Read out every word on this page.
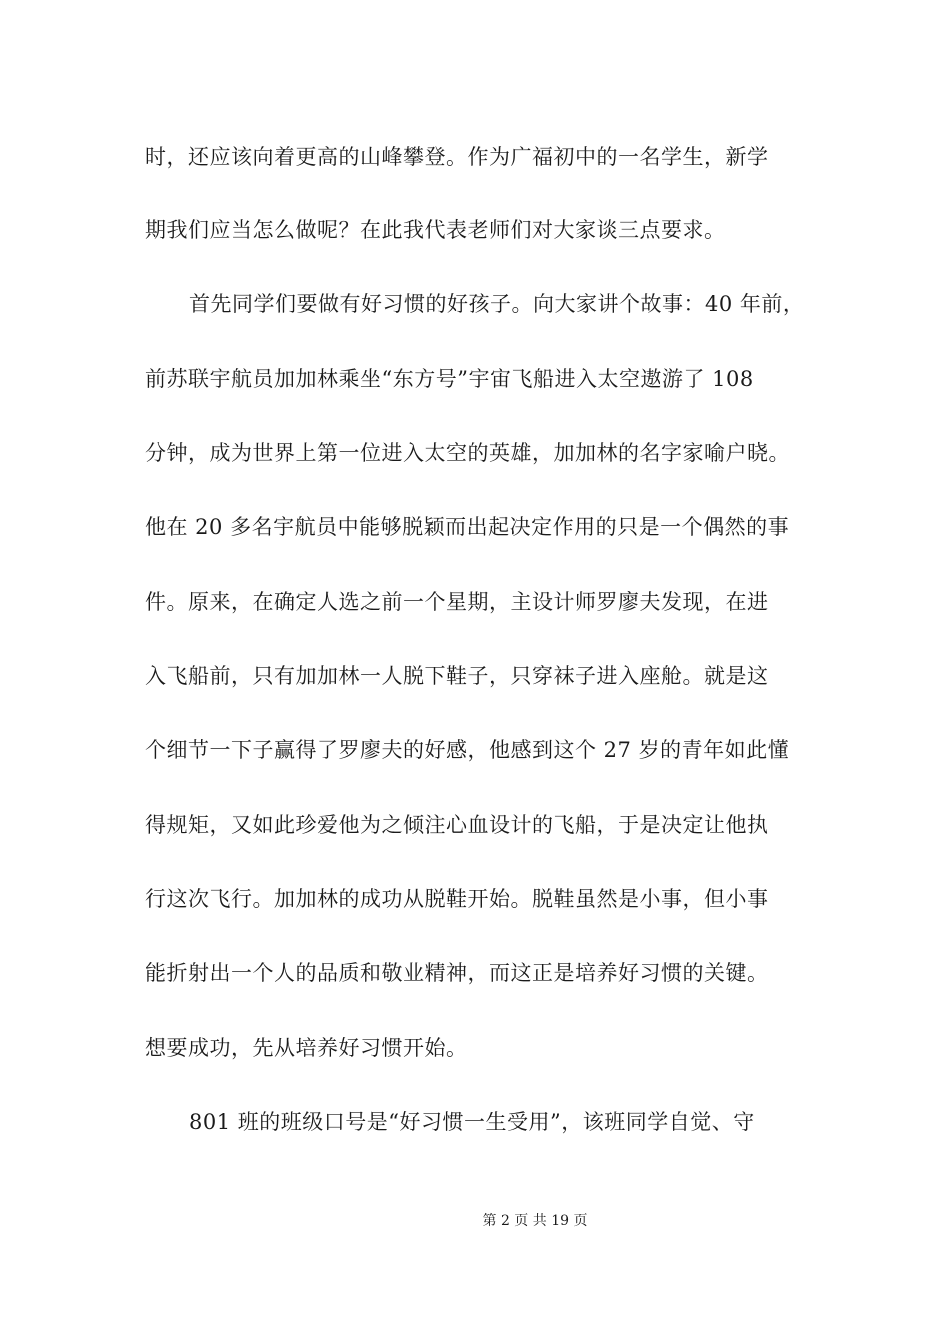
时，还应该向着更高的山峰攀登。作为广福初中的一名学生，新学
期我们应当怎么做呢？在此我代表老师们对大家谈三点要求。
首先同学们要做有好习惯的好孩子。向大家讲个故事：40 年前，
前苏联宇航员加加林乘坐“东方号”宇宙飞船进入太空遨游了 108
分钟，成为世界上第一位进入太空的英雄，加加林的名字家喻户晓。
他在 20 多名宇航员中能够脱颖而出起决定作用的只是一个偶然的事
件。原来，在确定人选之前一个星期，主设计师罗廖夫发现，在进
入飞船前，只有加加林一人脱下鞋子，只穿袜子进入座舱。就是这
个细节一下子赢得了罗廖夫的好感，他感到这个 27 岁的青年如此懂
得规矩，又如此珍爱他为之倾注心血设计的飞船，于是决定让他执
行这次飞行。加加林的成功从脱鞋开始。脱鞋虽然是小事，但小事
能折射出一个人的品质和敬业精神，而这正是培养好习惯的关键。
想要成功，先从培养好习惯开始。
801 班的班级口号是“好习惯一生受用”，该班同学自觉、守
第 2 页 共 19 页
